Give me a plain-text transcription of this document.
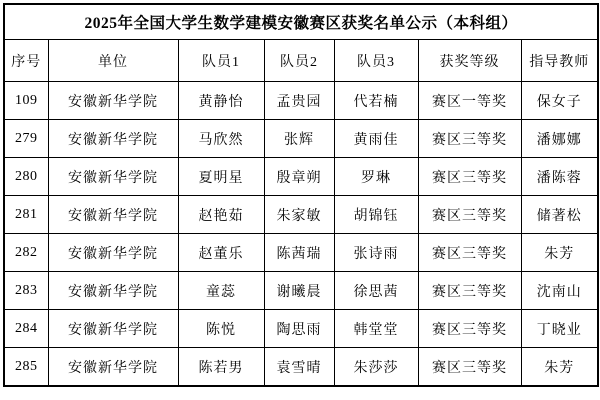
2025年全国大学生数学建模安徽赛区获奖名单公示（本科组）						
序号	单位	队员1	队员2	队员3	获奖等级	指导教师
109	安徽新华学院	黄静怡	孟贵园	代若楠	赛区一等奖	保女子
279	安徽新华学院	马欣然	张辉	黄雨佳	赛区三等奖	潘娜娜
280	安徽新华学院	夏明星	殷章朔	罗琳	赛区三等奖	潘陈蓉
281	安徽新华学院	赵艳茹	朱家敏	胡锦钰	赛区三等奖	储著松
282	安徽新华学院	赵董乐	陈茜瑞	张诗雨	赛区三等奖	朱芳
283	安徽新华学院	童蕊	谢曦晨	徐思茜	赛区三等奖	沈南山
284	安徽新华学院	陈悦	陶思雨	韩堂堂	赛区三等奖	丁晓业
285	安徽新华学院	陈若男	袁雪晴	朱莎莎	赛区三等奖	朱芳
